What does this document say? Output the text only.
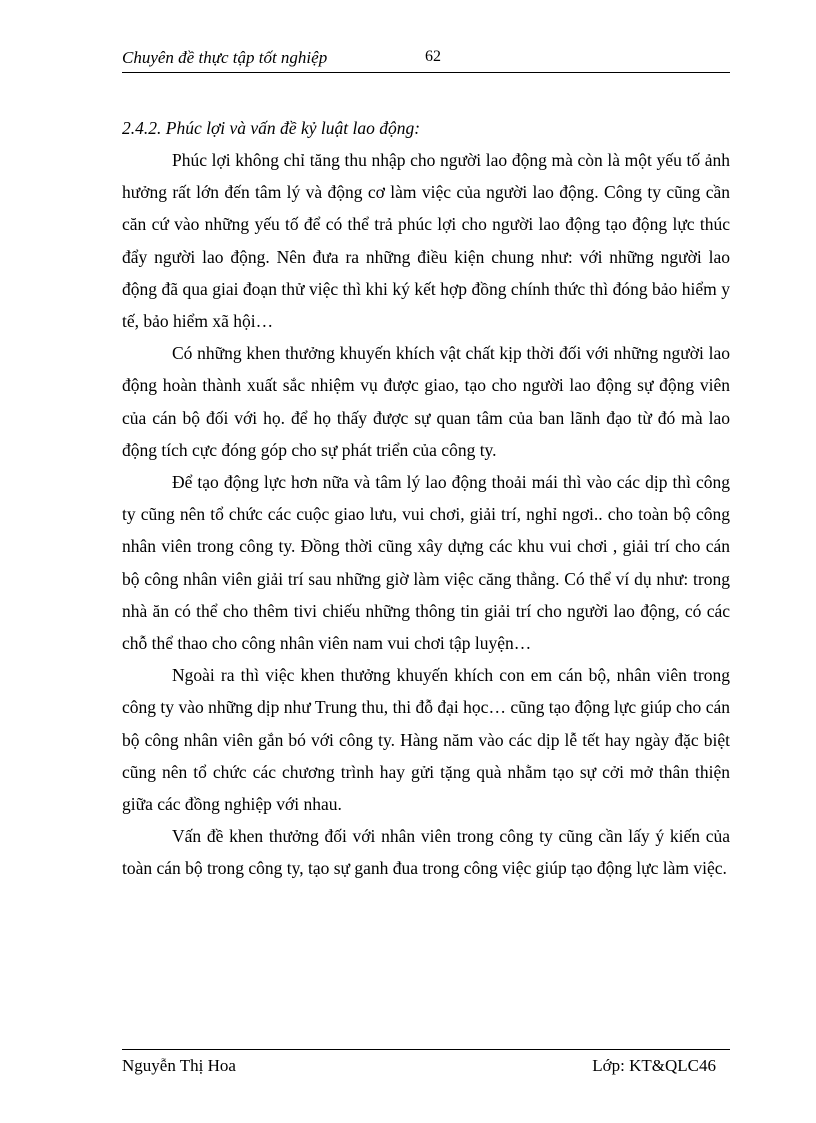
Chuyên đề thực tập tốt nghiệp	62
2.4.2. Phúc lợi và vấn đề kỷ luật lao động:

Phúc lợi không chỉ tăng thu nhập cho người lao động mà còn là một yếu tố ảnh hưởng rất lớn đến tâm lý và động cơ làm việc của người lao động. Công ty cũng cần căn cứ vào những yếu tố để có thể trả phúc lợi cho người lao động tạo động lực thúc đẩy người lao động. Nên đưa ra những điều kiện chung như: với những người lao động đã qua giai đoạn thử việc thì khi ký kết hợp đồng chính thức thì đóng bảo hiểm y tế, bảo hiểm xã hội…

Có những khen thưởng khuyến khích vật chất kịp thời đối với những người lao động hoàn thành xuất sắc nhiệm vụ được giao, tạo cho người lao động sự động viên của cán bộ đối với họ. để họ thấy được sự quan tâm của ban lãnh đạo từ đó mà lao động tích cực đóng góp cho sự phát triển của công ty.

Để tạo động lực hơn nữa và tâm lý lao động thoải mái thì vào các dịp thì công ty cũng nên tổ chức các cuộc giao lưu, vui chơi, giải trí, nghỉ ngơi.. cho toàn bộ công nhân viên trong công ty. Đồng thời cũng xây dựng các khu vui chơi , giải trí cho cán bộ công nhân viên giải trí sau những giờ làm việc căng thẳng. Có thể ví dụ như: trong nhà ăn có thể cho thêm tivi chiếu những thông tin giải trí cho người lao động, có các chỗ thể thao cho công nhân viên nam vui chơi tập luyện…

Ngoài ra thì việc khen thưởng khuyến khích con em cán bộ, nhân viên trong công ty vào những dịp như Trung thu, thi đỗ đại học… cũng tạo động lực giúp cho cán bộ công nhân viên gắn bó với công ty. Hàng năm vào các dịp lễ tết hay ngày đặc biệt cũng nên tổ chức các chương trình hay gửi tặng quà nhằm tạo sự cởi mở thân thiện giữa các đồng nghiệp với nhau.

Vấn đề khen thưởng đối với nhân viên trong công ty cũng cần lấy ý kiến của toàn cán bộ trong công ty, tạo sự ganh đua trong công việc giúp tạo động lực làm việc.

Nguyễn Thị Hoa	Lớp: KT&QLC46
